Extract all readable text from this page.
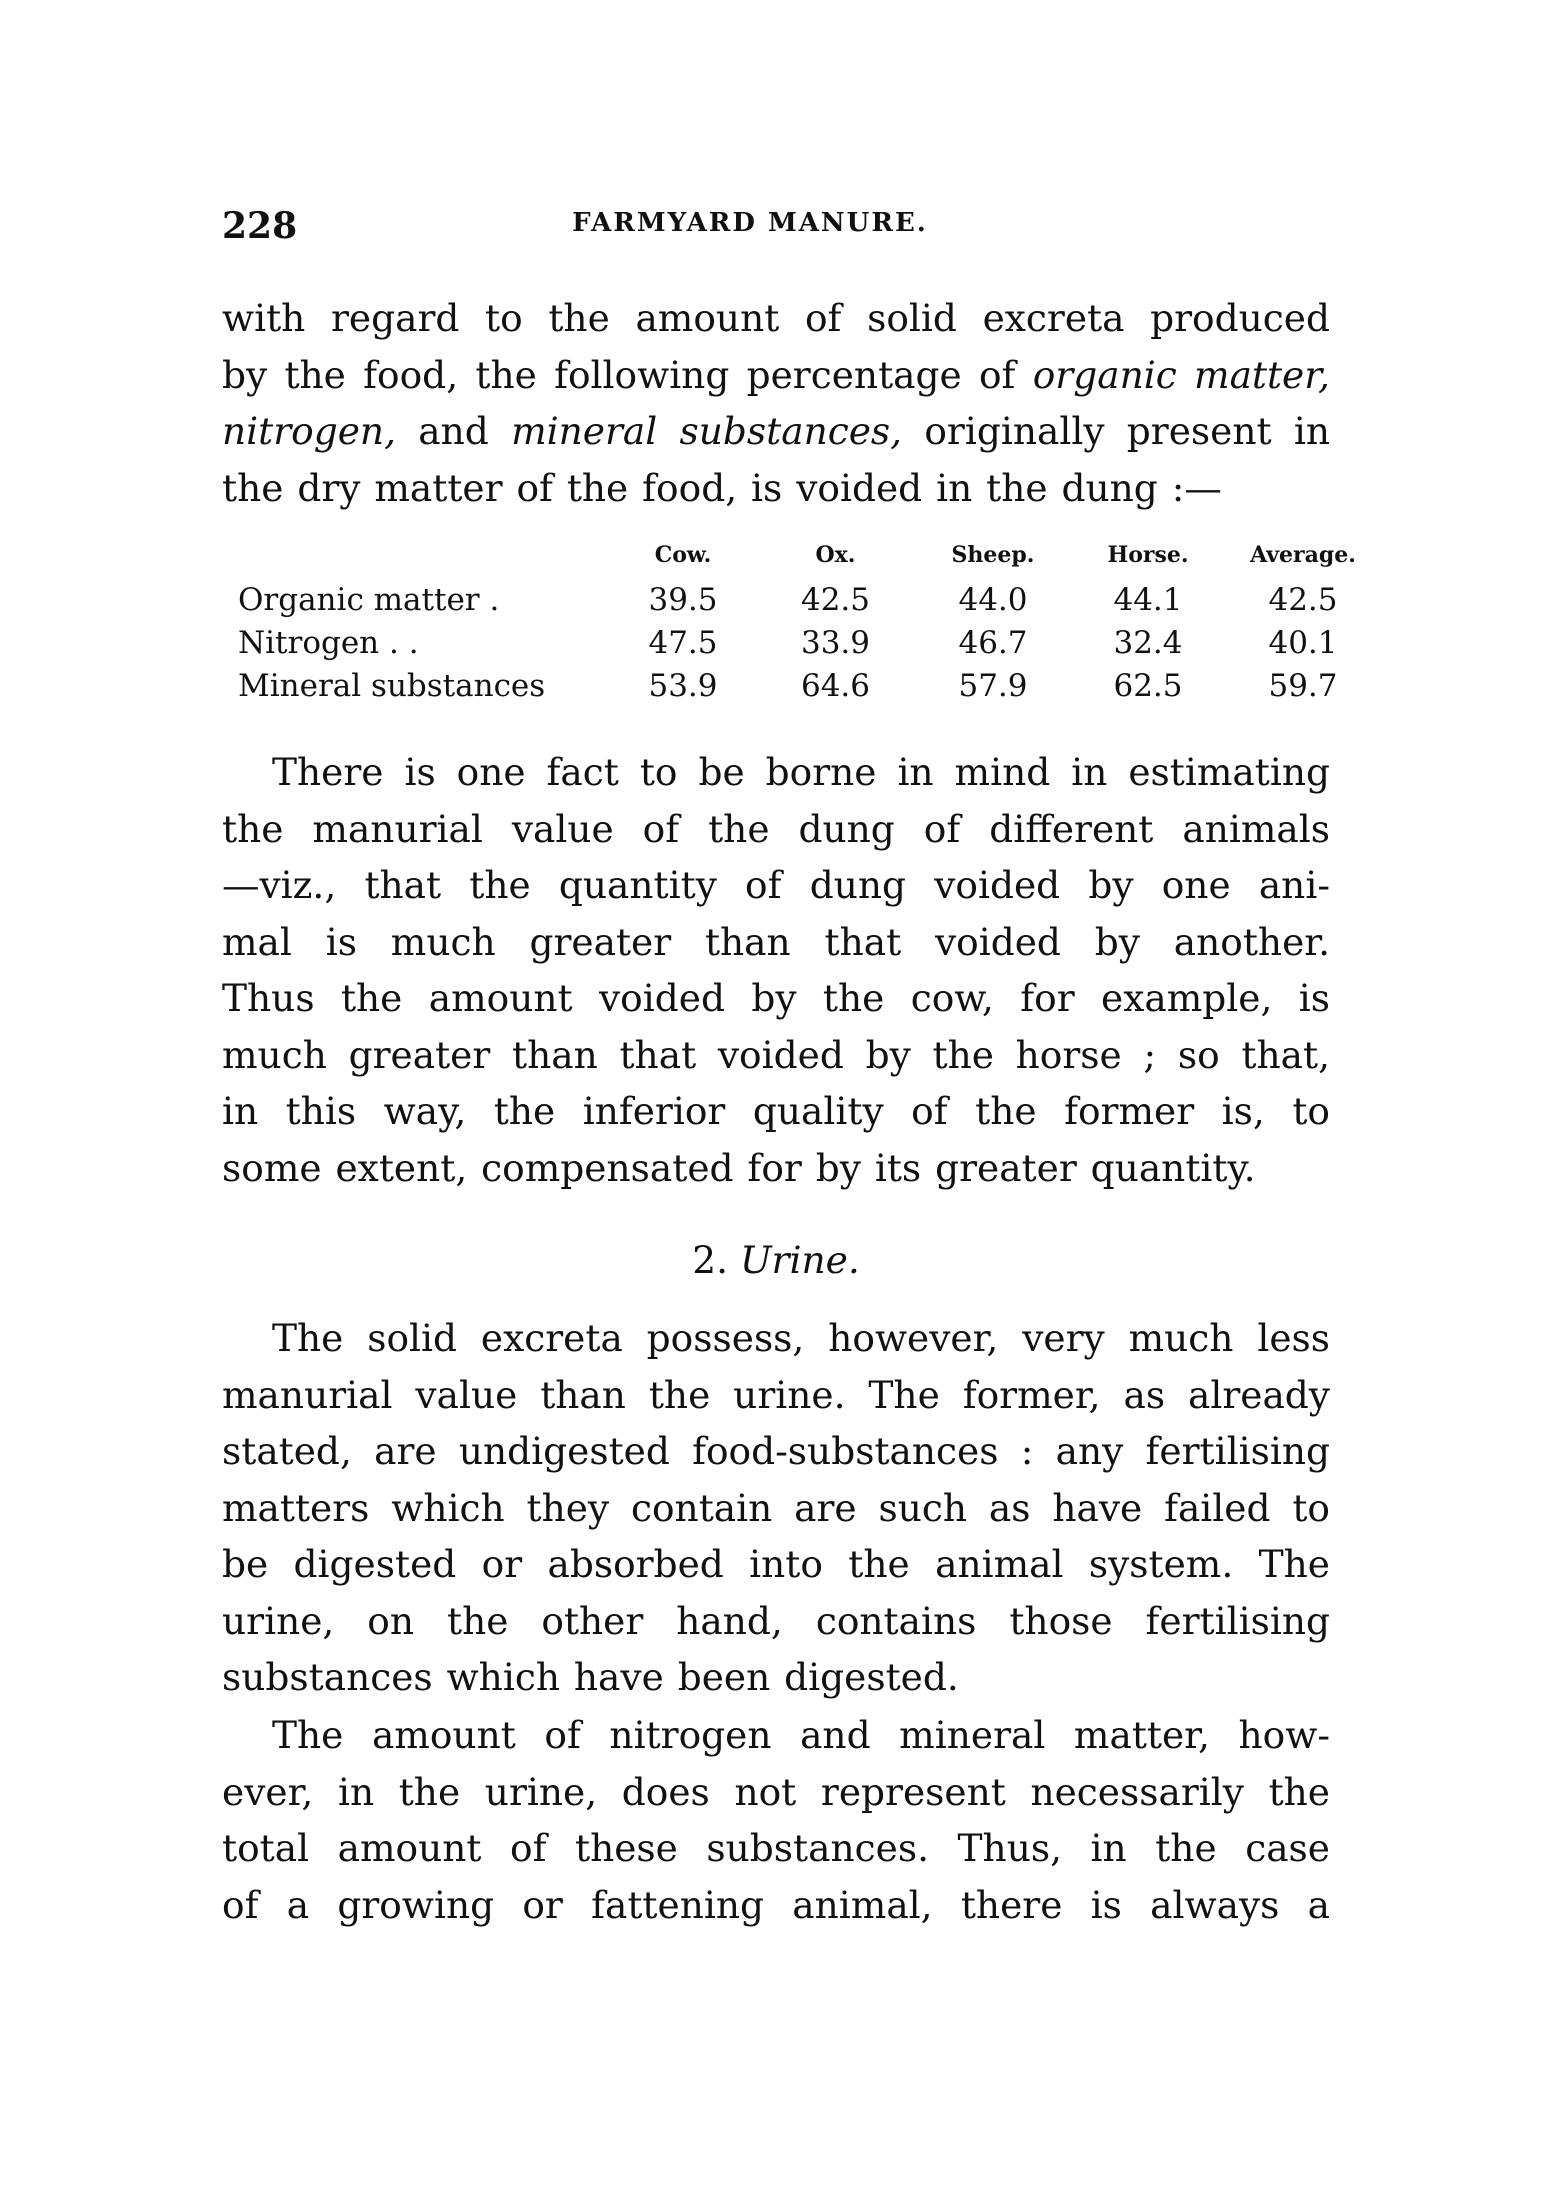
228	FARMYARD MANURE.
with regard to the amount of solid excreta produced
by the food, the following percentage of organic matter,
nitrogen, and mineral substances, originally present in
the dry matter of the food, is voided in the dung :—
	Cow.	Ox.	Sheep.	Horse.	Average.
Organic matter .	39.5	42.5	44.0	44.1	42.5
Nitrogen . .	47.5	33.9	46.7	32.4	40.1
Mineral substances	53.9	64.6	57.9	62.5	59.7
There is one fact to be borne in mind in estimating
the manurial value of the dung of different animals
—viz., that the quantity of dung voided by one ani-
mal is much greater than that voided by another.
Thus the amount voided by the cow, for example, is
much greater than that voided by the horse ; so that,
in this way, the inferior quality of the former is, to
some extent, compensated for by its greater quantity.
2. Urine.
The solid excreta possess, however, very much less
manurial value than the urine. The former, as already
stated, are undigested food-substances : any fertilising
matters which they contain are such as have failed to
be digested or absorbed into the animal system. The
urine, on the other hand, contains those fertilising
substances which have been digested.
The amount of nitrogen and mineral matter, how-
ever, in the urine, does not represent necessarily the
total amount of these substances. Thus, in the case
of a growing or fattening animal, there is always a
